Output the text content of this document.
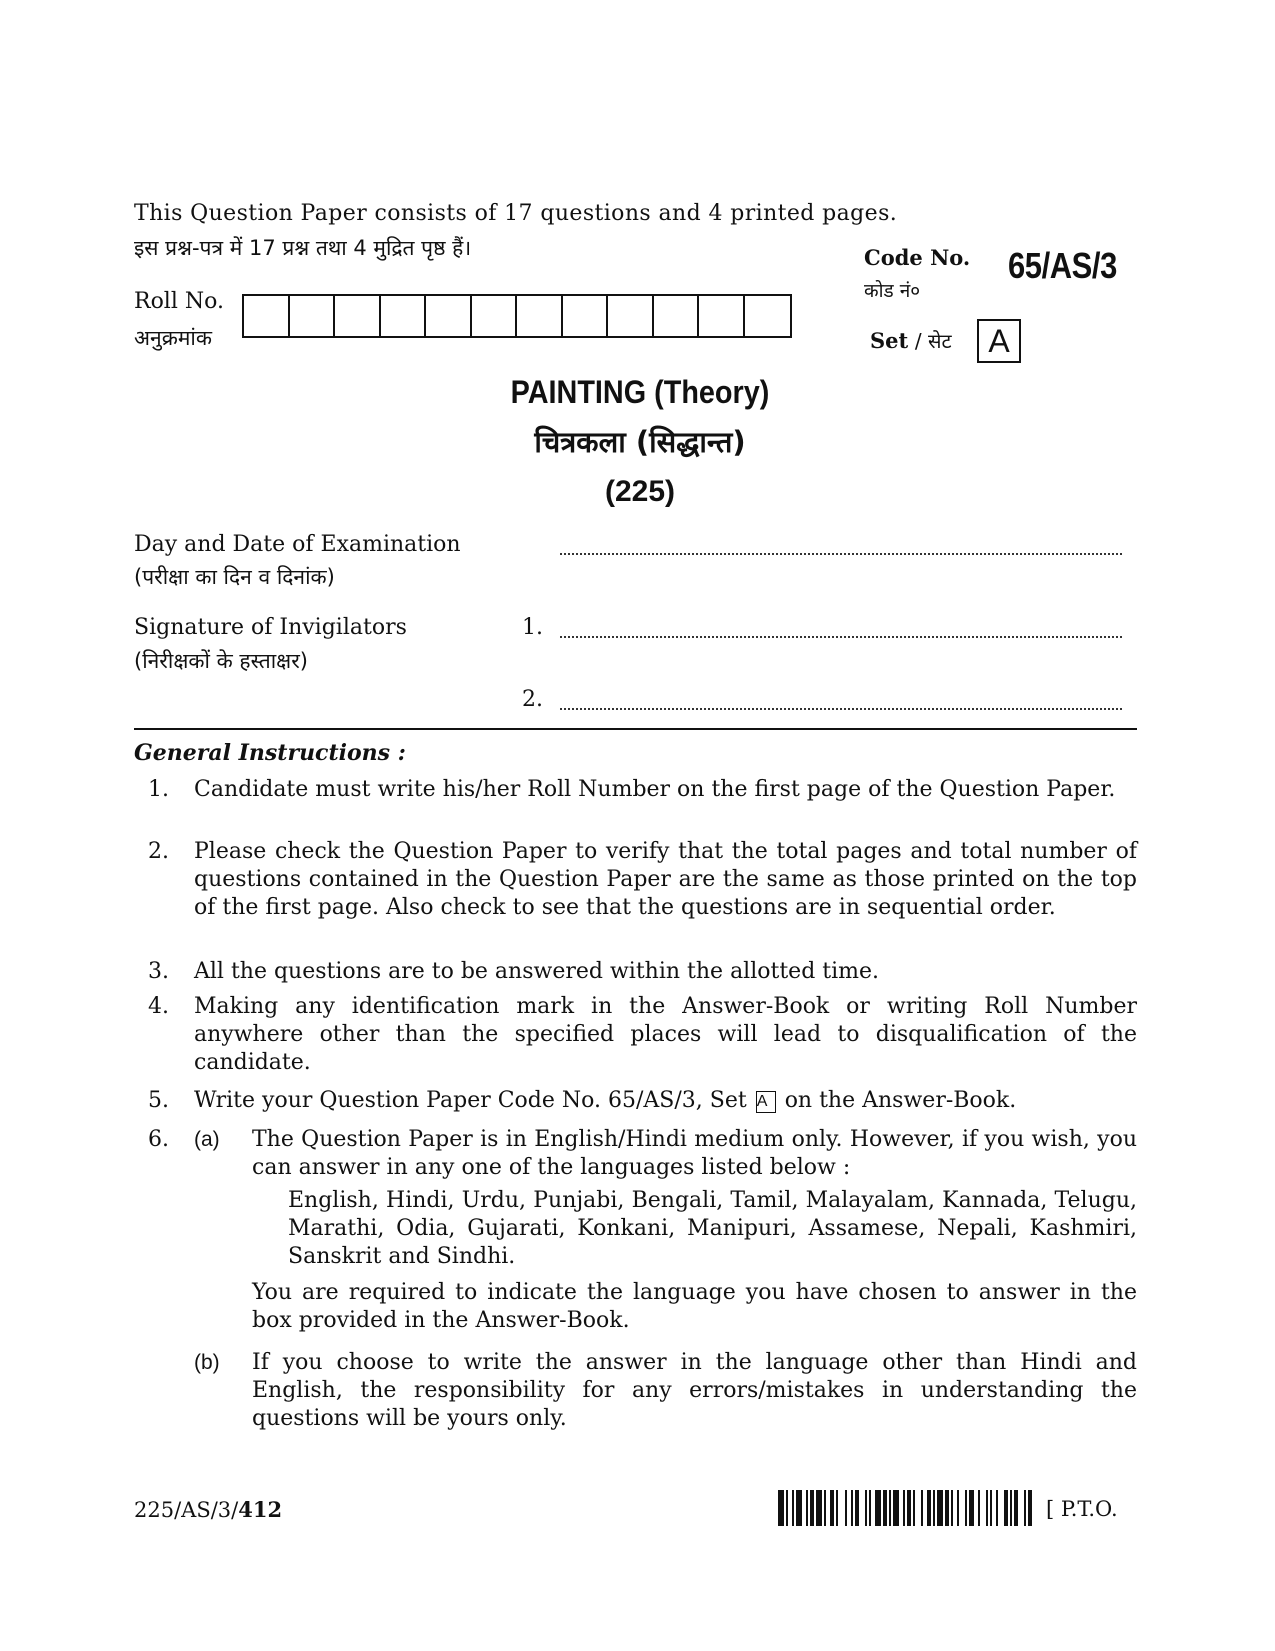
This Question Paper consists of 17 questions and 4 printed pages.
इस प्रश्न-पत्र में 17 प्रश्न तथा 4 मुद्रित पृष्ठ हैं।	Code No.
कोड नं०
65/AS/3
Set / सेट	A
Roll No.
अनुक्रमांक
PAINTING (Theory)
चित्रकला (सिद्धान्त)
(225)
Day and Date of Examination
(परीक्षा का दिन व दिनांक)
Signature of Invigilators
(निरीक्षकों के हस्ताक्षर)
1.
2.
General Instructions :
1. Candidate must write his/her Roll Number on the first page of the Question Paper.
2. Please check the Question Paper to verify that the total pages and total number of questions contained in the Question Paper are the same as those printed on the top of the first page. Also check to see that the questions are in sequential order.
3. All the questions are to be answered within the allotted time.
4. Making any identification mark in the Answer-Book or writing Roll Number anywhere other than the specified places will lead to disqualification of the candidate.
5. Write your Question Paper Code No. 65/AS/3, Set A on the Answer-Book.
6. (a) The Question Paper is in English/Hindi medium only. However, if you wish, you can answer in any one of the languages listed below :
English, Hindi, Urdu, Punjabi, Bengali, Tamil, Malayalam, Kannada, Telugu, Marathi, Odia, Gujarati, Konkani, Manipuri, Assamese, Nepali, Kashmiri, Sanskrit and Sindhi.
You are required to indicate the language you have chosen to answer in the box provided in the Answer-Book.
(b) If you choose to write the answer in the language other than Hindi and English, the responsibility for any errors/mistakes in understanding the questions will be yours only.
225/AS/3/412	[ P.T.O.
